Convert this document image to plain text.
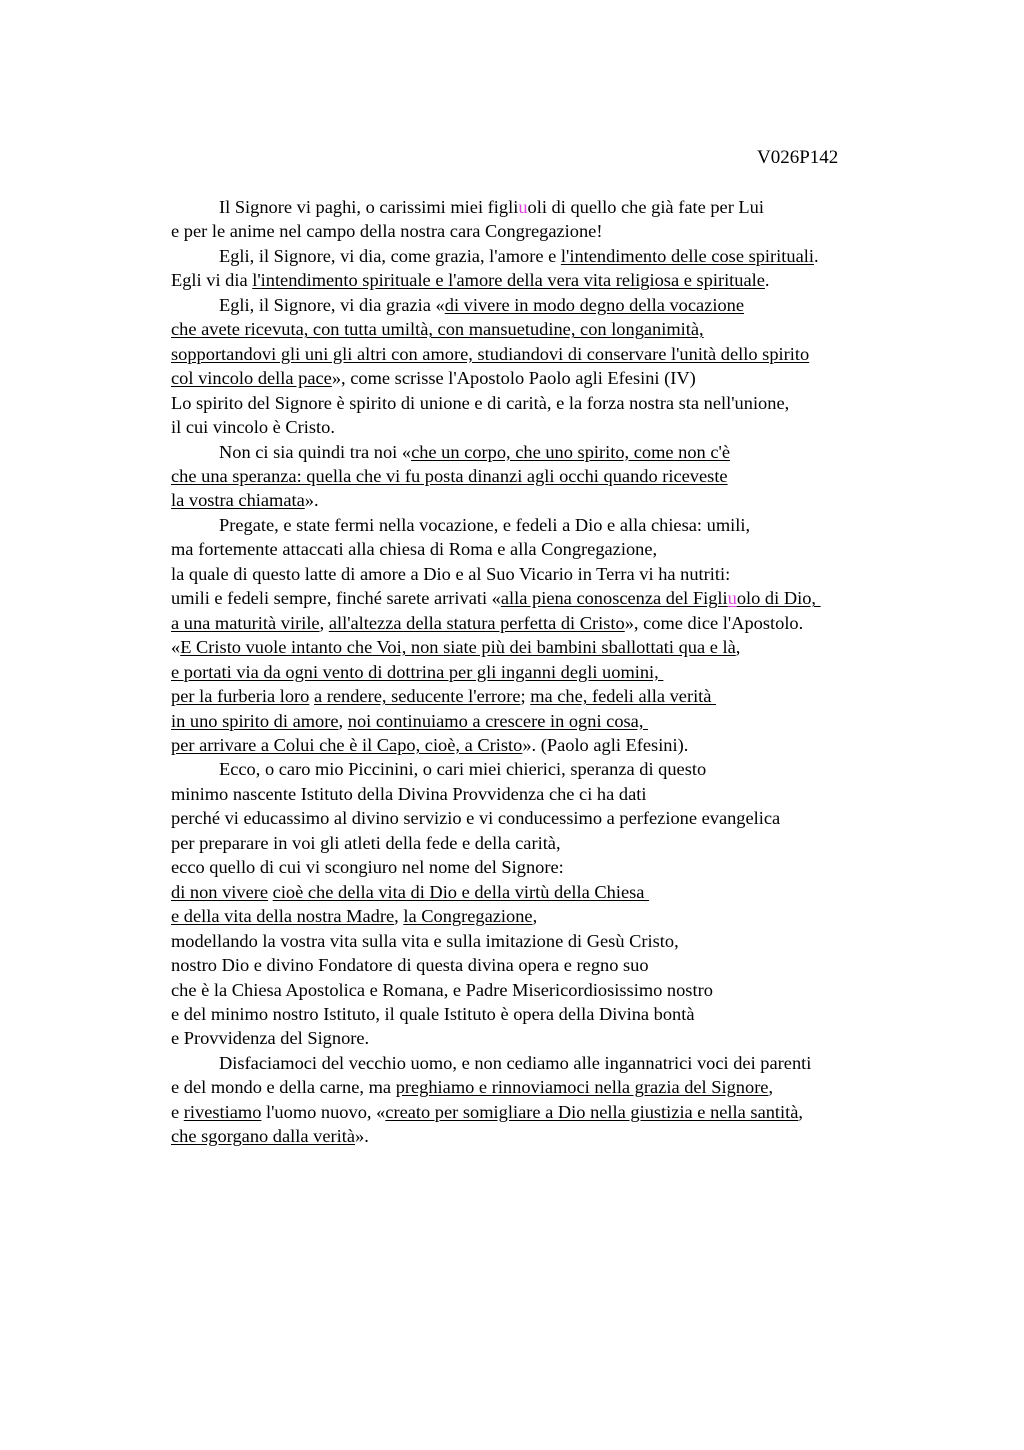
V026P142
Il Signore vi paghi, o carissimi miei figliuoli di quello che già fate per Lui
e per le anime nel campo della nostra cara Congregazione!
Egli, il Signore, vi dia, come grazia, l'amore e l'intendimento delle cose spirituali.
Egli vi dia l'intendimento spirituale e l'amore della vera vita religiosa e spirituale.
Egli, il Signore, vi dia grazia «di vivere in modo degno della vocazione
che avete ricevuta, con tutta umiltà, con mansuetudine, con longanimità,
sopportandovi gli uni gli altri con amore, studiandovi di conservare l'unità dello spirito
col vincolo della pace», come scrisse l'Apostolo Paolo agli Efesini (IV)
Lo spirito del Signore è spirito di unione e di carità, e la forza nostra sta nell'unione,
il cui vincolo è Cristo.
Non ci sia quindi tra noi «che un corpo, che uno spirito, come non c'è
che una speranza: quella che vi fu posta dinanzi agli occhi quando riceveste
la vostra chiamata».
Pregate, e state fermi nella vocazione, e fedeli a Dio e alla chiesa: umili,
ma fortemente attaccati alla chiesa di Roma e alla Congregazione,
la quale di questo latte di amore a Dio e al Suo Vicario in Terra vi ha nutriti:
umili e fedeli sempre, finché sarete arrivati «alla piena conoscenza del Figliuolo di Dio,
a una maturità virile, all'altezza della statura perfetta di Cristo», come dice l'Apostolo.
«E Cristo vuole intanto che Voi, non siate più dei bambini sballottati qua e là,
e portati via da ogni vento di dottrina per gli inganni degli uomini,
per la furberia loro a rendere, seducente l'errore; ma che, fedeli alla verità
in uno spirito di amore, noi continuiamo a crescere in ogni cosa,
per arrivare a Colui che è il Capo, cioè, a Cristo». (Paolo agli Efesini).
Ecco, o caro mio Piccinini, o cari miei chierici, speranza di questo
minimo nascente Istituto della Divina Provvidenza che ci ha dati
perché vi educassimo al divino servizio e vi conducessimo a perfezione evangelica
per preparare in voi gli atleti della fede e della carità,
ecco quello di cui vi scongiuro nel nome del Signore:
di non vivere cioè che della vita di Dio e della virtù della Chiesa
e della vita della nostra Madre, la Congregazione,
modellando la vostra vita sulla vita e sulla imitazione di Gesù Cristo,
nostro Dio e divino Fondatore di questa divina opera e regno suo
che è la Chiesa Apostolica e Romana, e Padre Misericordiosissimo nostro
e del minimo nostro Istituto, il quale Istituto è opera della Divina bontà
e Provvidenza del Signore.
Disfaciamoci del vecchio uomo, e non cediamo alle ingannatrici voci dei parenti
e del mondo e della carne, ma preghiamo e rinnoviamoci nella grazia del Signore,
e rivestiamo l'uomo nuovo, «creato per somigliare a Dio nella giustizia e nella santità,
che sgorgano dalla verità».
